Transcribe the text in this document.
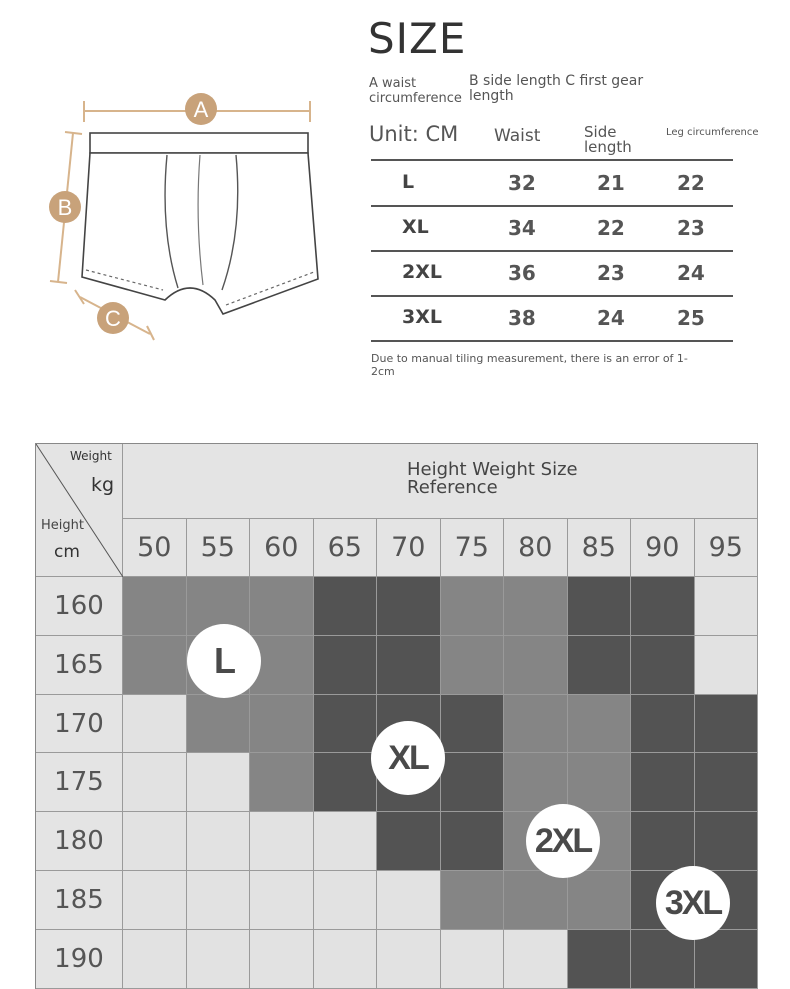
A
B
C
SIZE
A waist circumference
B side length C first gear length
Unit: CM Waist	Side length
Leg circumference
L	32	21	22
XL	34	22	23
2XL	36	23	24
3XL	38	24	25
Due to manual tiling measurement, there is an error of 1-2cm
Weight
kg
Height
cm
Height Weight Size Reference
50	55	60	65	70	75	80	85	90	95
160
165
170
175
180
185
190
L
XL
2XL
3XL
